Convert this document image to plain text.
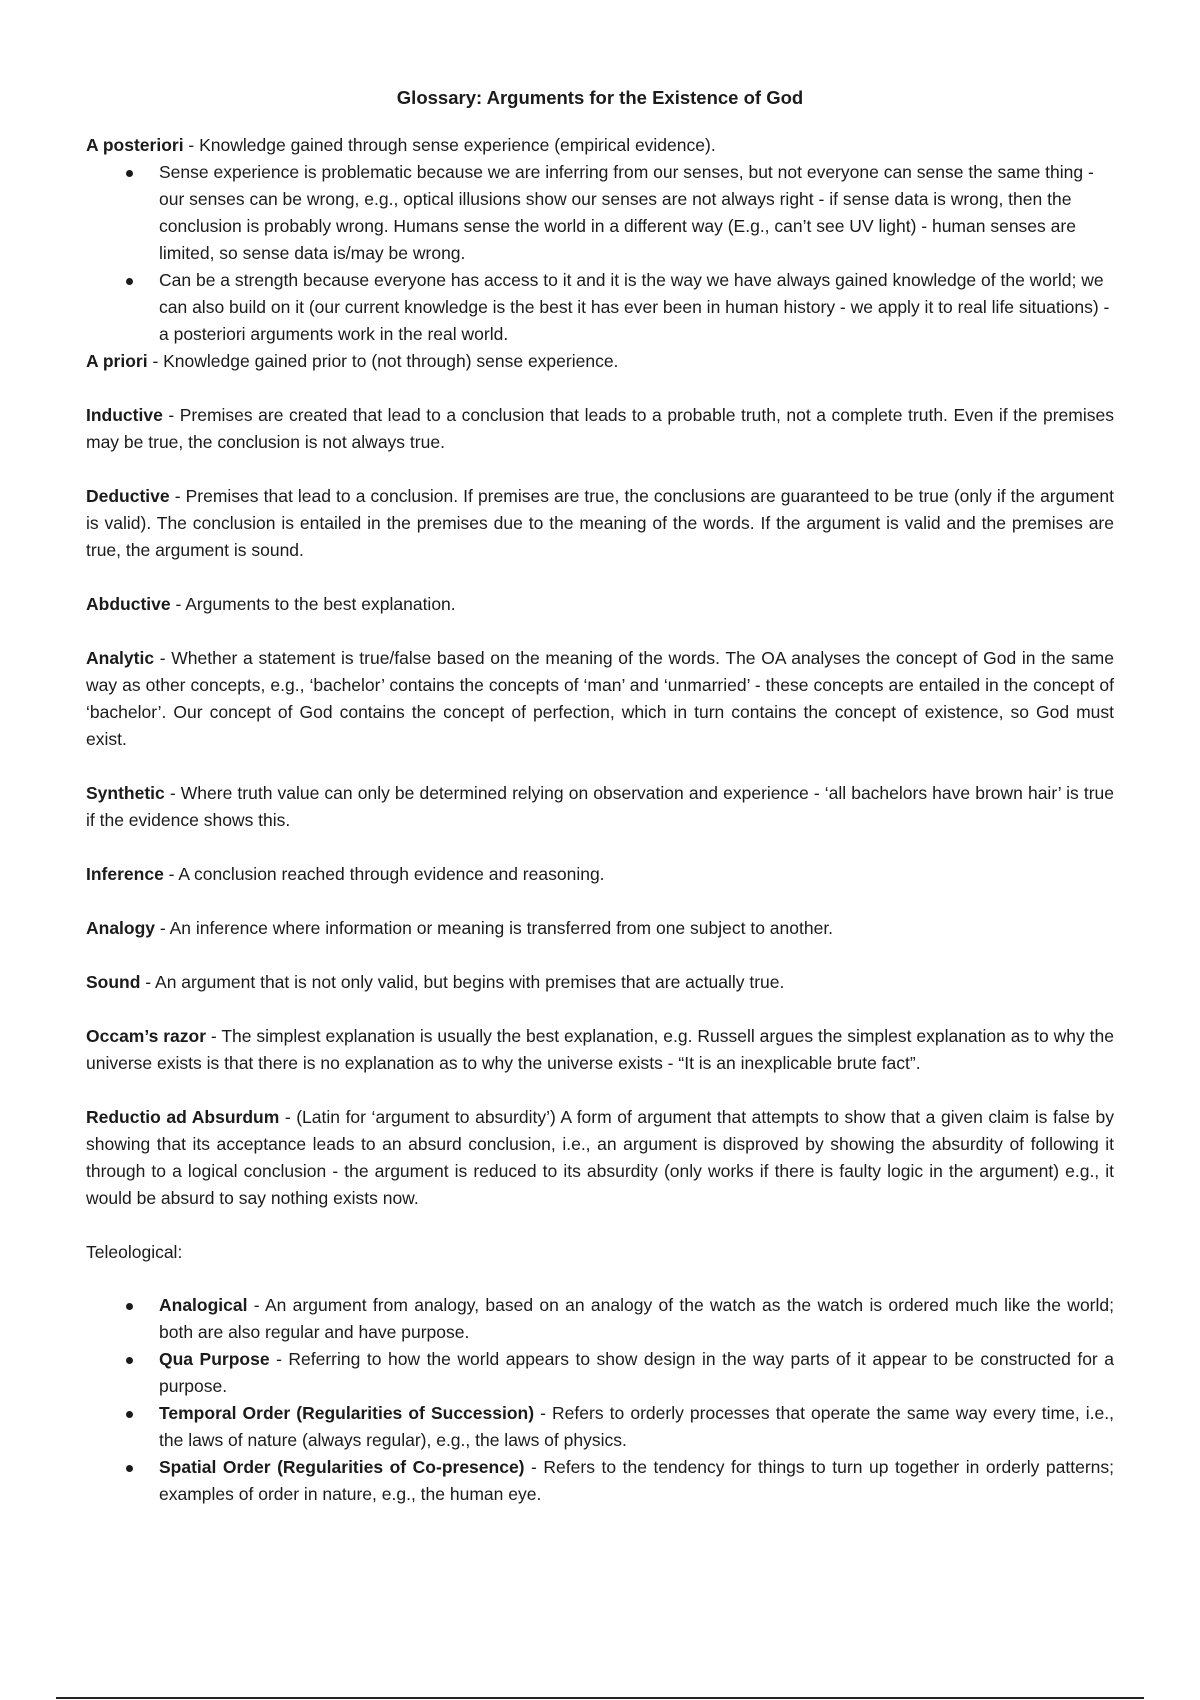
Glossary: Arguments for the Existence of God

A posteriori - Knowledge gained through sense experience (empirical evidence).

Sense experience is problematic because we are inferring from our senses, but not everyone can sense the same thing - our senses can be wrong, e.g., optical illusions show our senses are not always right - if sense data is wrong, then the conclusion is probably wrong. Humans sense the world in a different way (E.g., can’t see UV light) - human senses are limited, so sense data is/may be wrong.
Can be a strength because everyone has access to it and it is the way we have always gained knowledge of the world; we can also build on it (our current knowledge is the best it has ever been in human history - we apply it to real life situations) - a posteriori arguments work in the real world.

A priori - Knowledge gained prior to (not through) sense experience.

Inductive - Premises are created that lead to a conclusion that leads to a probable truth, not a complete truth. Even if the premises may be true, the conclusion is not always true.

Deductive - Premises that lead to a conclusion. If premises are true, the conclusions are guaranteed to be true (only if the argument is valid). The conclusion is entailed in the premises due to the meaning of the words. If the argument is valid and the premises are true, the argument is sound.

Abductive - Arguments to the best explanation.

Analytic - Whether a statement is true/false based on the meaning of the words. The OA analyses the concept of God in the same way as other concepts, e.g., ‘bachelor’ contains the concepts of ‘man’ and ‘unmarried’ - these concepts are entailed in the concept of ‘bachelor’. Our concept of God contains the concept of perfection, which in turn contains the concept of existence, so God must exist.

Synthetic - Where truth value can only be determined relying on observation and experience - ‘all bachelors have brown hair’ is true if the evidence shows this.

Inference - A conclusion reached through evidence and reasoning.

Analogy - An inference where information or meaning is transferred from one subject to another.

Sound - An argument that is not only valid, but begins with premises that are actually true.

Occam’s razor - The simplest explanation is usually the best explanation, e.g. Russell argues the simplest explanation as to why the universe exists is that there is no explanation as to why the universe exists - “It is an inexplicable brute fact”.

Reductio ad Absurdum - (Latin for ‘argument to absurdity’) A form of argument that attempts to show that a given claim is false by showing that its acceptance leads to an absurd conclusion, i.e., an argument is disproved by showing the absurdity of following it through to a logical conclusion - the argument is reduced to its absurdity (only works if there is faulty logic in the argument) e.g., it would be absurd to say nothing exists now.

Teleological:

Analogical - An argument from analogy, based on an analogy of the watch as the watch is ordered much like the world; both are also regular and have purpose.
Qua Purpose - Referring to how the world appears to show design in the way parts of it appear to be constructed for a purpose.
Temporal Order (Regularities of Succession) - Refers to orderly processes that operate the same way every time, i.e., the laws of nature (always regular), e.g., the laws of physics.
Spatial Order (Regularities of Co-presence) - Refers to the tendency for things to turn up together in orderly patterns; examples of order in nature, e.g., the human eye.
